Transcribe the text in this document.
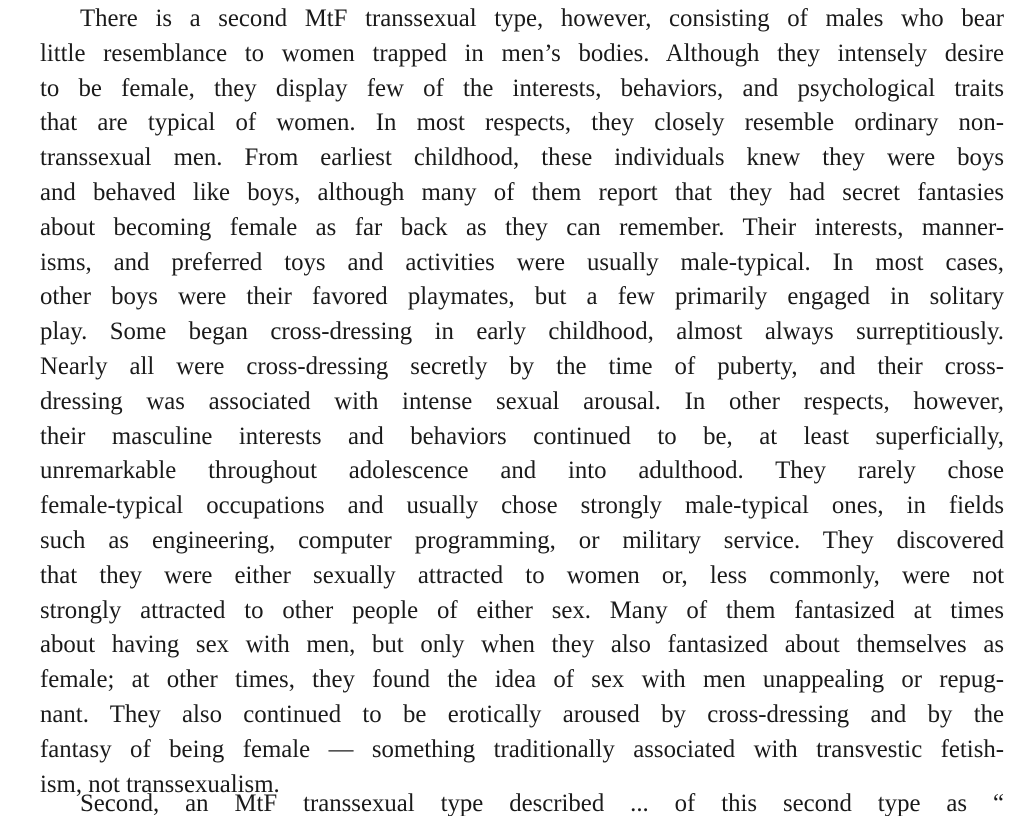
There is a second MtF transsexual type, however, consisting of males who bear
little resemblance to women trapped in men’s bodies. Although they intensely desire
to be female, they display few of the interests, behaviors, and psychological traits
that are typical of women. In most respects, they closely resemble ordinary non-
transsexual men. From earliest childhood, these individuals knew they were boys
and behaved like boys, although many of them report that they had secret fantasies
about becoming female as far back as they can remember. Their interests, manner-
isms, and preferred toys and activities were usually male-typical. In most cases,
other boys were their favored playmates, but a few primarily engaged in solitary
play. Some began cross-dressing in early childhood, almost always surreptitiously.
Nearly all were cross-dressing secretly by the time of puberty, and their cross-
dressing was associated with intense sexual arousal. In other respects, however,
their masculine interests and behaviors continued to be, at least superficially,
unremarkable throughout adolescence and into adulthood. They rarely chose
female-typical occupations and usually chose strongly male-typical ones, in fields
such as engineering, computer programming, or military service. They discovered
that they were either sexually attracted to women or, less commonly, were not
strongly attracted to other people of either sex. Many of them fantasized at times
about having sex with men, but only when they also fantasized about themselves as
female; at other times, they found the idea of sex with men unappealing or repug-
nant. They also continued to be erotically aroused by cross-dressing and by the
fantasy of being female — something traditionally associated with transvestic fetish-
ism, not transsexualism.
Second, an MtF transsexual type described ... of this second type as “
